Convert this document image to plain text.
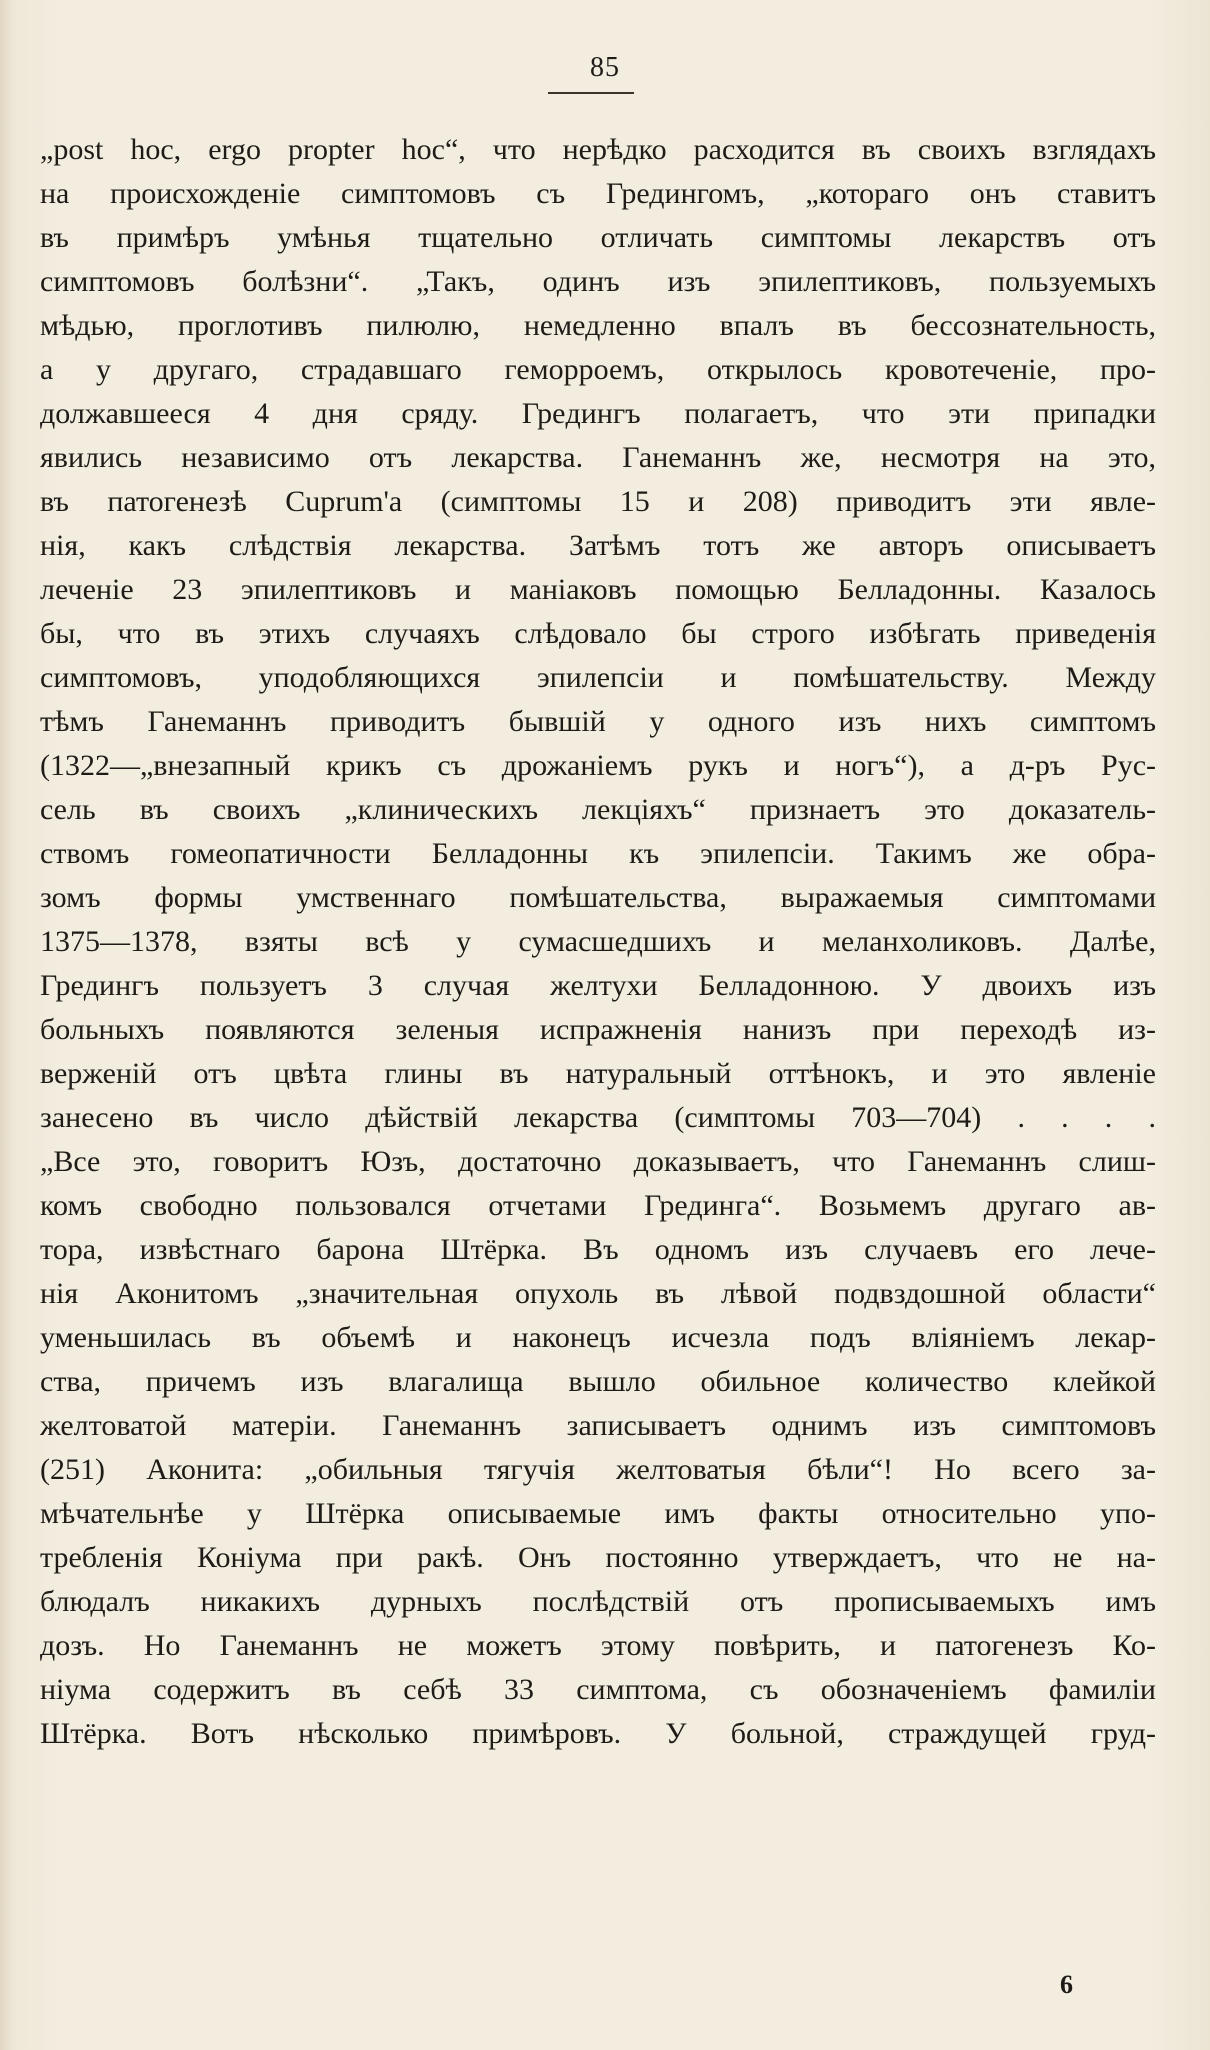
85
„post hoc, ergo propter hoc“, что нерѣдко расходится въ своихъ взглядахъ
на происхожденіе симптомовъ съ Гредингомъ, „котораго онъ ставитъ
въ примѣръ умѣнья тщательно отличать симптомы лекарствъ отъ
симптомовъ болѣзни“. „Такъ, одинъ изъ эпилептиковъ, пользуемыхъ
мѣдью, проглотивъ пилюлю, немедленно впалъ въ бессознательность,
а у другаго, страдавшаго геморроемъ, открылось кровотеченіе, про-
должавшееся 4 дня сряду. Грeдингъ полагаетъ, что эти припадки
явились независимо отъ лекарства. Ганеманнъ же, несмотря на это,
въ патогенезѣ Cuprum'а (симптомы 15 и 208) приводитъ эти явле-
нія, какъ слѣдствія лекарства. Затѣмъ тотъ же авторъ описываетъ
леченіе 23 эпилептиковъ и маніаковъ помощью Белладонны. Казалось
бы, что въ этихъ случаяхъ слѣдовало бы строго избѣгать приведенія
симптомовъ, уподобляющихся эпилепсіи и помѣшательству. Между
тѣмъ Ганеманнъ приводитъ бывшій у одного изъ нихъ симптомъ
(1322—„внезапный крикъ съ дрожаніемъ рукъ и ногъ“), а д-ръ Рус-
сель въ своихъ „клиническихъ лекціяхъ“ признаетъ это доказатель-
ствомъ гомеопатичности Белладонны къ эпилепсіи. Такимъ же обра-
зомъ формы умственнаго помѣшательства, выражаемыя симптомами
1375—1378, взяты всѣ у сумасшедшихъ и меланхоликовъ. Далѣе,
Грeдингъ пользуетъ 3 случая желтухи Белладонною. У двоихъ изъ
больныхъ появляются зеленыя испражненія нанизъ при переходѣ из-
верженій отъ цвѣта глины въ натуральный оттѣнокъ, и это явленіе
занесено въ число дѣйствій лекарства (симптомы 703—704) . . . .
„Все это, говоритъ Юзъ, достаточно доказываетъ, что Ганеманнъ слиш-
комъ свободно пользовался отчетами Грединга“. Возьмемъ другаго ав-
тора, извѣстнаго барона Штёрка. Въ одномъ изъ случаевъ его лече-
нія Аконитомъ „значительная опухоль въ лѣвой подвздошной области“
уменьшилась въ объемѣ и наконецъ исчезла подъ вліяніемъ лекар-
ства, причемъ изъ влагалища вышло обильное количество клейкой
желтоватой матеріи. Ганеманнъ записываетъ однимъ изъ симптомовъ
(251) Аконита: „обильныя тягучія желтоватыя бѣли“! Но всего за-
мѣчательнѣе у Штёрка описываемые имъ факты относительно упо-
требленія Коніума при ракѣ. Онъ постоянно утверждаетъ, что не на-
блюдалъ никакихъ дурныхъ послѣдствій отъ прописываемыхъ имъ
дозъ. Но Ганеманнъ не можетъ этому повѣрить, и патогенезъ Ко-
ніума содержитъ въ себѣ 33 симптома, съ обозначеніемъ фамиліи
Штёрка. Вотъ нѣсколько примѣровъ. У больной, страждущей груд-
6
